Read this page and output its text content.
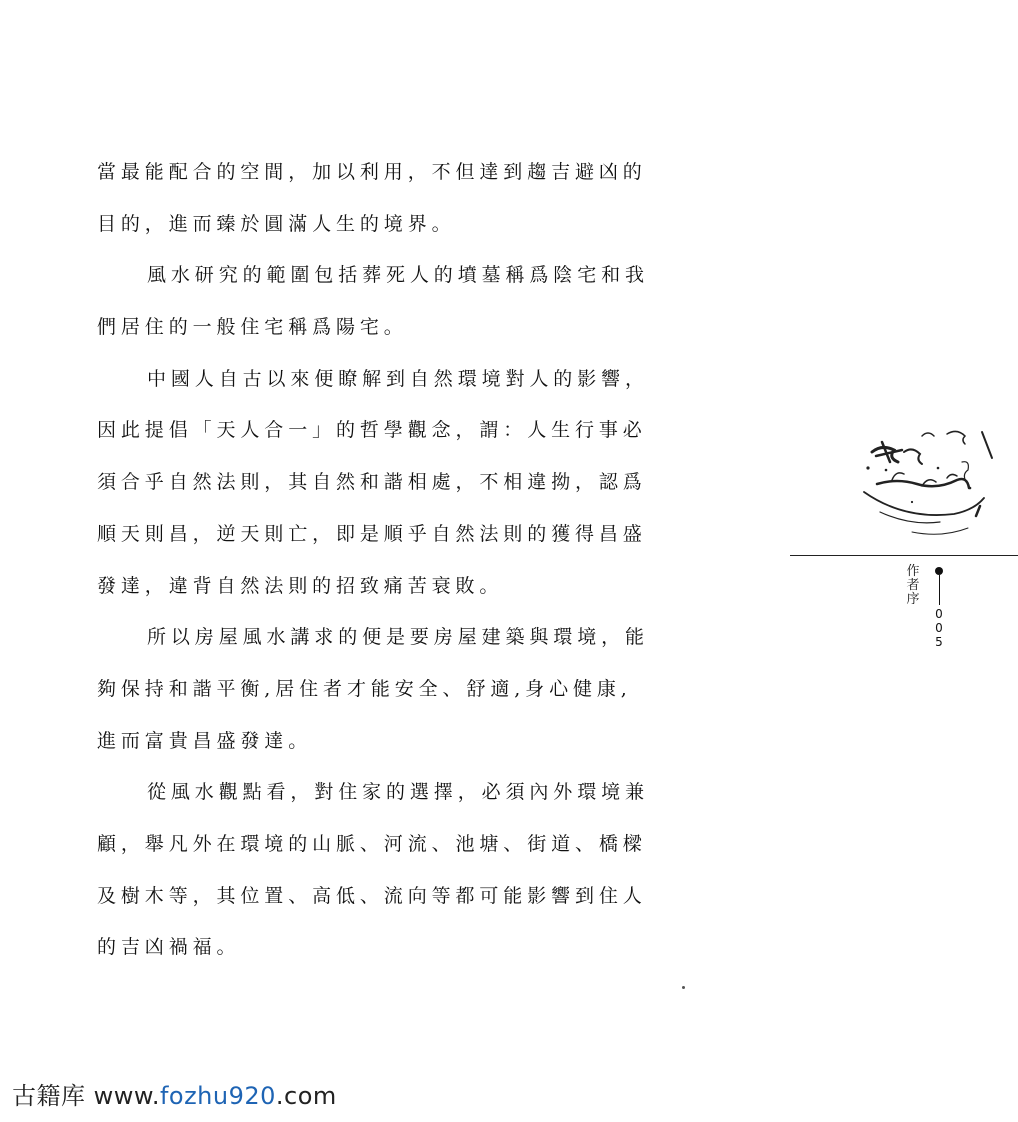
當最能配合的空間，加以利用，不但達到趨吉避凶的
目的，進而臻於圓滿人生的境界。
風水研究的範圍包括葬死人的墳墓稱爲陰宅和我
們居住的一般住宅稱爲陽宅。
中國人自古以來便瞭解到自然環境對人的影響，
因此提倡「天人合一」的哲學觀念，謂：人生行事必
須合乎自然法則，其自然和諧相處，不相違拗，認爲
順天則昌，逆天則亡，即是順乎自然法則的獲得昌盛
發達，違背自然法則的招致痛苦衰敗。
所以房屋風水講求的便是要房屋建築與環境，能
夠保持和諧平衡,居住者才能安全、舒適,身心健康,
進而富貴昌盛發達。
從風水觀點看，對住家的選擇，必須內外環境兼
顧，舉凡外在環境的山脈、河流、池塘、街道、橋樑
及樹木等，其位置、高低、流向等都可能影響到住人
的吉凶禍福。
作者序
005
古籍库 www.fozhu920.com
